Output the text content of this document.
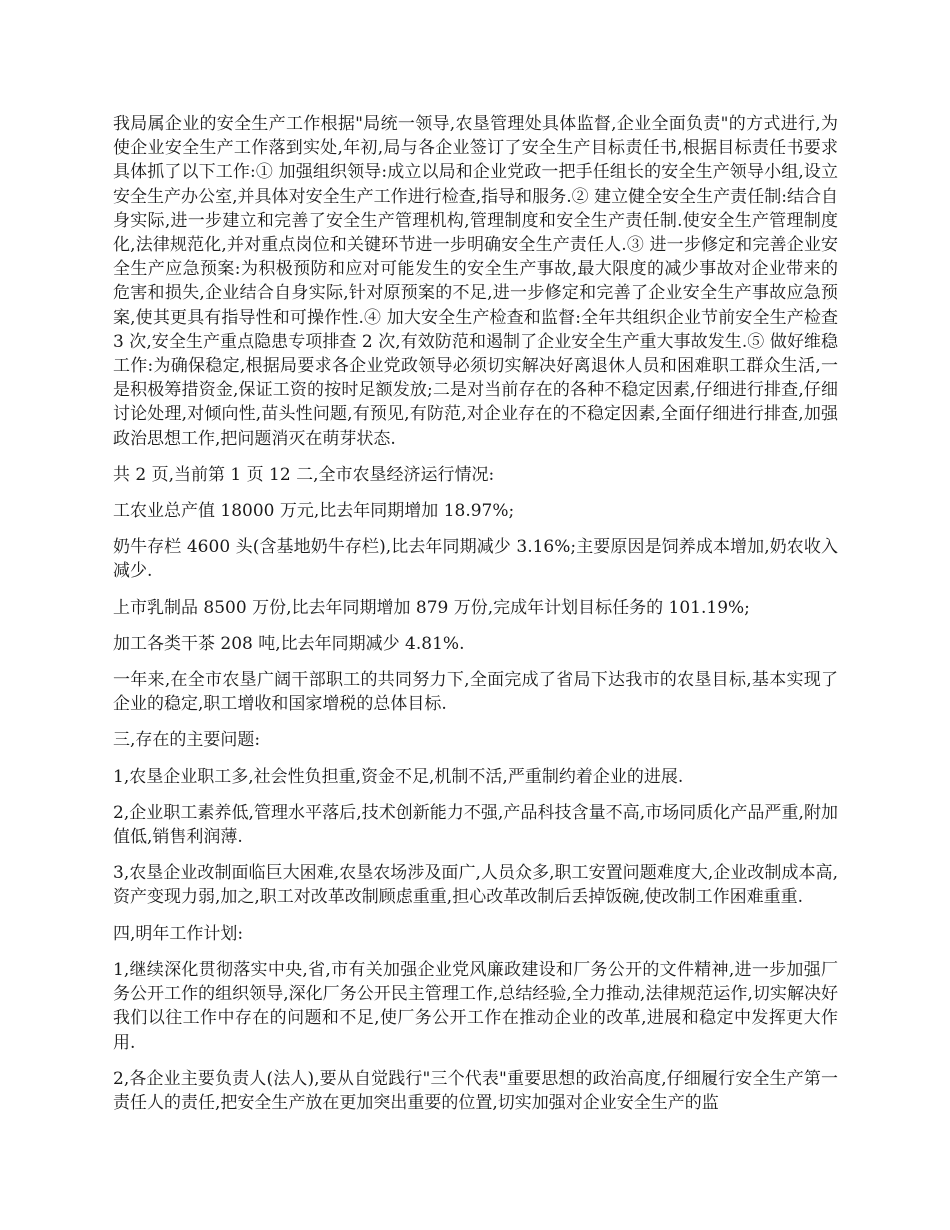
我局属企业的安全生产工作根据"局统一领导,农垦管理处具体监督,企业全面负责"的方式进行,为使企业安全生产工作落到实处,年初,局与各企业签订了安全生产目标责任书,根据目标责任书要求具体抓了以下工作:① 加强组织领导:成立以局和企业党政一把手任组长的安全生产领导小组,设立安全生产办公室,并具体对安全生产工作进行检查,指导和服务.② 建立健全安全生产责任制:结合自身实际,进一步建立和完善了安全生产管理机构,管理制度和安全生产责任制.使安全生产管理制度化,法律规范化,并对重点岗位和关键环节进一步明确安全生产责任人.③ 进一步修定和完善企业安全生产应急预案:为积极预防和应对可能发生的安全生产事故,最大限度的减少事故对企业带来的危害和损失,企业结合自身实际,针对原预案的不足,进一步修定和完善了企业安全生产事故应急预案,使其更具有指导性和可操作性.④ 加大安全生产检查和监督:全年共组织企业节前安全生产检查 3 次,安全生产重点隐患专项排查 2 次,有效防范和遏制了企业安全生产重大事故发生.⑤ 做好维稳工作:为确保稳定,根据局要求各企业党政领导必须切实解决好离退休人员和困难职工群众生活,一是积极筹措资金,保证工资的按时足额发放;二是对当前存在的各种不稳定因素,仔细进行排查,仔细讨论处理,对倾向性,苗头性问题,有预见,有防范,对企业存在的不稳定因素,全面仔细进行排查,加强政治思想工作,把问题消灭在萌芽状态.

共 2 页,当前第 1 页 12 二,全市农垦经济运行情况:

工农业总产值 18000 万元,比去年同期增加 18.97%;

奶牛存栏 4600 头(含基地奶牛存栏),比去年同期减少 3.16%;主要原因是饲养成本增加,奶农收入减少.

上市乳制品 8500 万份,比去年同期增加 879 万份,完成年计划目标任务的 101.19%;

加工各类干茶 208 吨,比去年同期减少 4.81%.

一年来,在全市农垦广阔干部职工的共同努力下,全面完成了省局下达我市的农垦目标,基本实现了企业的稳定,职工增收和国家增税的总体目标.

三,存在的主要问题:

1,农垦企业职工多,社会性负担重,资金不足,机制不活,严重制约着企业的进展.

2,企业职工素养低,管理水平落后,技术创新能力不强,产品科技含量不高,市场同质化产品严重,附加值低,销售利润薄.

3,农垦企业改制面临巨大困难,农垦农场涉及面广,人员众多,职工安置问题难度大,企业改制成本高,资产变现力弱,加之,职工对改革改制顾虑重重,担心改革改制后丢掉饭碗,使改制工作困难重重.

四,明年工作计划:

1,继续深化贯彻落实中央,省,市有关加强企业党风廉政建设和厂务公开的文件精神,进一步加强厂务公开工作的组织领导,深化厂务公开民主管理工作,总结经验,全力推动,法律规范运作,切实解决好我们以往工作中存在的问题和不足,使厂务公开工作在推动企业的改革,进展和稳定中发挥更大作用.

2,各企业主要负责人(法人),要从自觉践行"三个代表"重要思想的政治高度,仔细履行安全生产第一责任人的责任,把安全生产放在更加突出重要的位置,切实加强对企业安全生产的监
